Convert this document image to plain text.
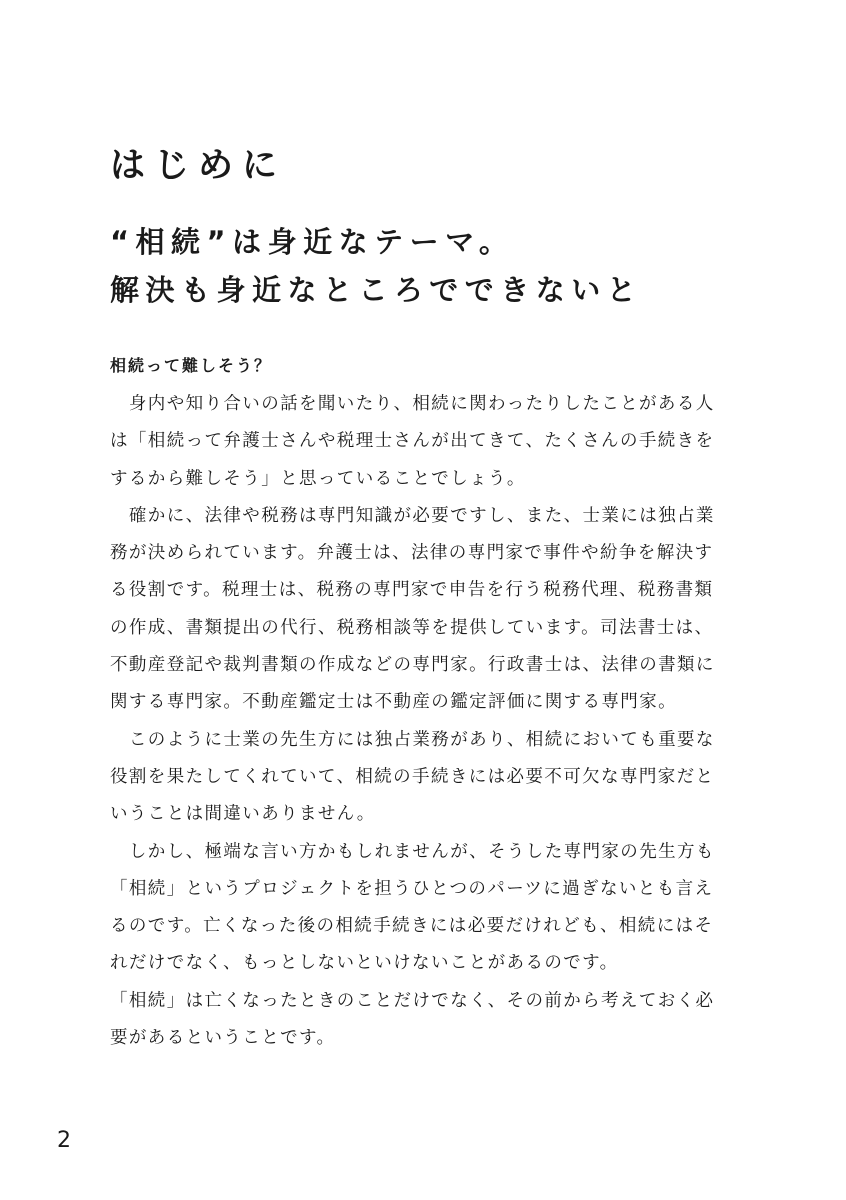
はじめに
“相続”は身近なテーマ。
解決も身近なところでできないと
相続って難しそう？
　身内や知り合いの話を聞いたり、相続に関わったりしたことがある人
は「相続って弁護士さんや税理士さんが出てきて、たくさんの手続きを
するから難しそう」と思っていることでしょう。
　確かに、法律や税務は専門知識が必要ですし、また、士業には独占業
務が決められています。弁護士は、法律の専門家で事件や紛争を解決す
る役割です。税理士は、税務の専門家で申告を行う税務代理、税務書類
の作成、書類提出の代行、税務相談等を提供しています。司法書士は、
不動産登記や裁判書類の作成などの専門家。行政書士は、法律の書類に
関する専門家。不動産鑑定士は不動産の鑑定評価に関する専門家。
　このように士業の先生方には独占業務があり、相続においても重要な
役割を果たしてくれていて、相続の手続きには必要不可欠な専門家だと
いうことは間違いありません。
　しかし、極端な言い方かもしれませんが、そうした専門家の先生方も
「相続」というプロジェクトを担うひとつのパーツに過ぎないとも言え
るのです。亡くなった後の相続手続きには必要だけれども、相続にはそ
れだけでなく、もっとしないといけないことがあるのです。
「相続」は亡くなったときのことだけでなく、その前から考えておく必
要があるということです。
2
